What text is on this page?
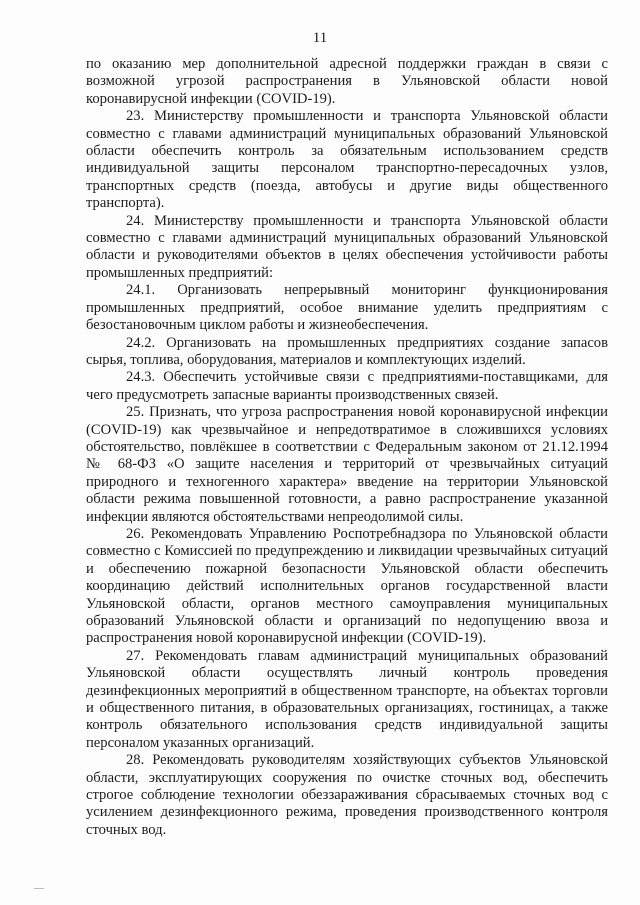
11

по оказанию мер дополнительной адресной поддержки граждан в связи с возможной угрозой распространения в Ульяновской области новой коронавирусной инфекции (COVID-19).

23. Министерству промышленности и транспорта Ульяновской области совместно с главами администраций муниципальных образований Ульяновской области обеспечить контроль за обязательным использованием средств индивидуальной защиты персоналом транспортно-пересадочных узлов, транспортных средств (поезда, автобусы и другие виды общественного транспорта).

24. Министерству промышленности и транспорта Ульяновской области совместно с главами администраций муниципальных образований Ульяновской области и руководителями объектов в целях обеспечения устойчивости работы промышленных предприятий:

24.1. Организовать непрерывный мониторинг функционирования промышленных предприятий, особое внимание уделить предприятиям с безостановочным циклом работы и жизнеобеспечения.

24.2. Организовать на промышленных предприятиях создание запасов сырья, топлива, оборудования, материалов и комплектующих изделий.

24.3. Обеспечить устойчивые связи с предприятиями-поставщиками, для чего предусмотреть запасные варианты производственных связей.

25. Признать, что угроза распространения новой коронавирусной инфекции (COVID-19) как чрезвычайное и непредотвратимое в сложившихся условиях обстоятельство, повлёкшее в соответствии с Федеральным законом от 21.12.1994 № 68-ФЗ «О защите населения и территорий от чрезвычайных ситуаций природного и техногенного характера» введение на территории Ульяновской области режима повышенной готовности, а равно распространение указанной инфекции являются обстоятельствами непреодолимой силы.

26. Рекомендовать Управлению Роспотребнадзора по Ульяновской области совместно с Комиссией по предупреждению и ликвидации чрезвычайных ситуаций и обеспечению пожарной безопасности Ульяновской области обеспечить координацию действий исполнительных органов государственной власти Ульяновской области, органов местного самоуправления муниципальных образований Ульяновской области и организаций по недопущению ввоза и распространения новой коронавирусной инфекции (COVID-19).

27. Рекомендовать главам администраций муниципальных образований Ульяновской области осуществлять личный контроль проведения дезинфекционных мероприятий в общественном транспорте, на объектах торговли и общественного питания, в образовательных организациях, гостиницах, а также контроль обязательного использования средств индивидуальной защиты персоналом указанных организаций.

28. Рекомендовать руководителям хозяйствующих субъектов Ульяновской области, эксплуатирующих сооружения по очистке сточных вод, обеспечить строгое соблюдение технологии обеззараживания сбрасываемых сточных вод с усилением дезинфекционного режима, проведения производственного контроля сточных вод.
